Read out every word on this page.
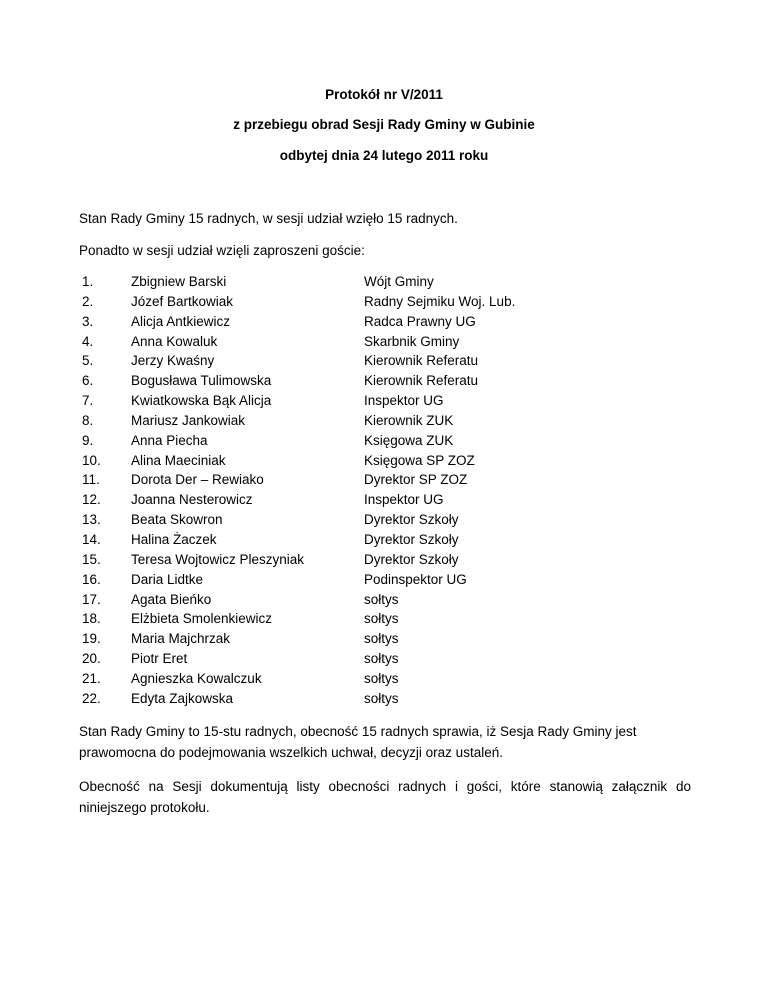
Protokół nr V/2011
z przebiegu obrad Sesji Rady Gminy w Gubinie
odbytej dnia 24 lutego 2011 roku

Stan Rady Gminy 15 radnych, w sesji udział wzięło 15 radnych.

Ponadto w sesji udział wzięli zaproszeni goście:

1.	Zbigniew Barski	Wójt Gminy
2.	Józef Bartkowiak	Radny Sejmiku Woj. Lub.
3.	Alicja Antkiewicz	Radca Prawny UG
4.	Anna Kowaluk	Skarbnik Gminy
5.	Jerzy Kwaśny	Kierownik Referatu
6.	Bogusława Tulimowska	Kierownik Referatu
7.	Kwiatkowska Bąk Alicja	Inspektor UG
8.	Mariusz Jankowiak	Kierownik ZUK
9.	Anna Piecha	Księgowa ZUK
10.	Alina Maeciniak	Księgowa SP ZOZ
11.	Dorota Der – Rewiako	Dyrektor SP ZOZ
12.	Joanna Nesterowicz	Inspektor UG
13.	Beata Skowron	Dyrektor Szkoły
14.	Halina Żaczek	Dyrektor Szkoły
15.	Teresa Wojtowicz Pleszyniak	Dyrektor Szkoły
16.	Daria Lidtke	Podinspektor UG
17.	Agata Bieńko	sołtys
18.	Elżbieta Smolenkiewicz	sołtys
19.	Maria Majchrzak	sołtys
20.	Piotr Eret	sołtys
21.	Agnieszka Kowalczuk	sołtys
22.	Edyta Zajkowska	sołtys

Stan Rady Gminy to 15-stu radnych, obecność 15 radnych sprawia, iż Sesja Rady Gminy jest prawomocna do podejmowania wszelkich uchwał, decyzji oraz ustaleń.

Obecność na Sesji dokumentują listy obecności radnych i gości, które stanowią załącznik do niniejszego protokołu.
